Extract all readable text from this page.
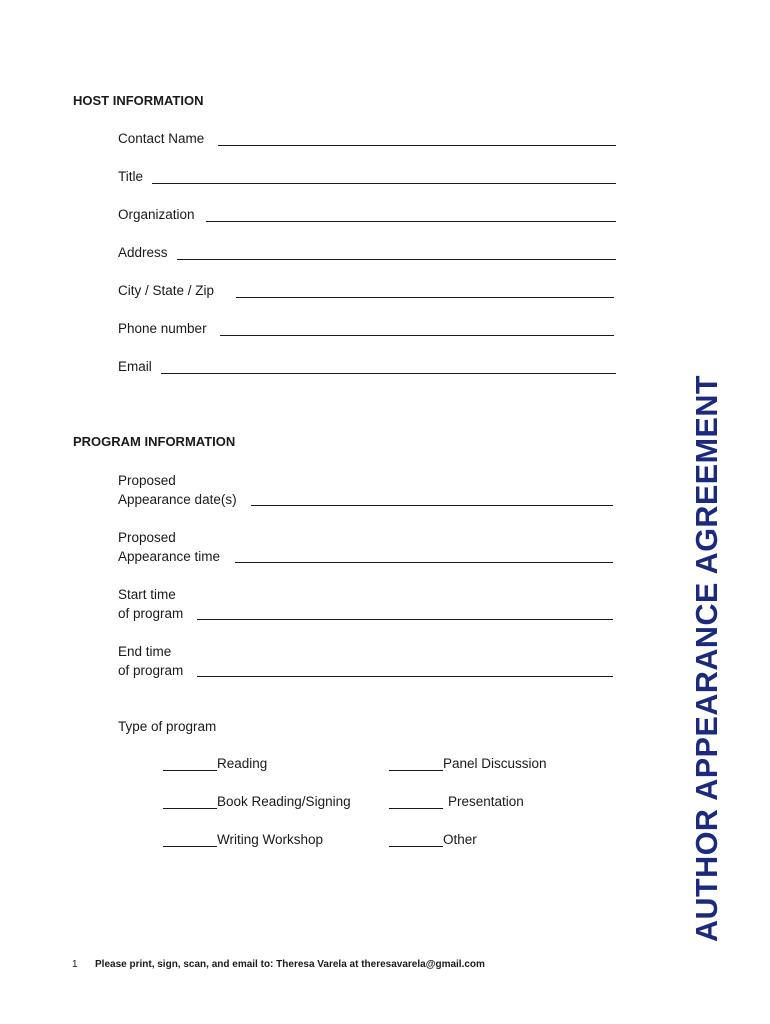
HOST INFORMATION
Contact Name
Title
Organization
Address
City / State / Zip
Phone number
Email
PROGRAM INFORMATION
Proposed
Appearance date(s)
Proposed
Appearance time
Start time
of program
End time
of program
Type of program
Reading	Panel Discussion
Book Reading/Signing	Presentation
Writing Workshop	Other	AUTHOR APPEARANCE AGREEMENT
1 Please print, sign, scan, and email to: Theresa Varela at theresavarela@gmail.com
